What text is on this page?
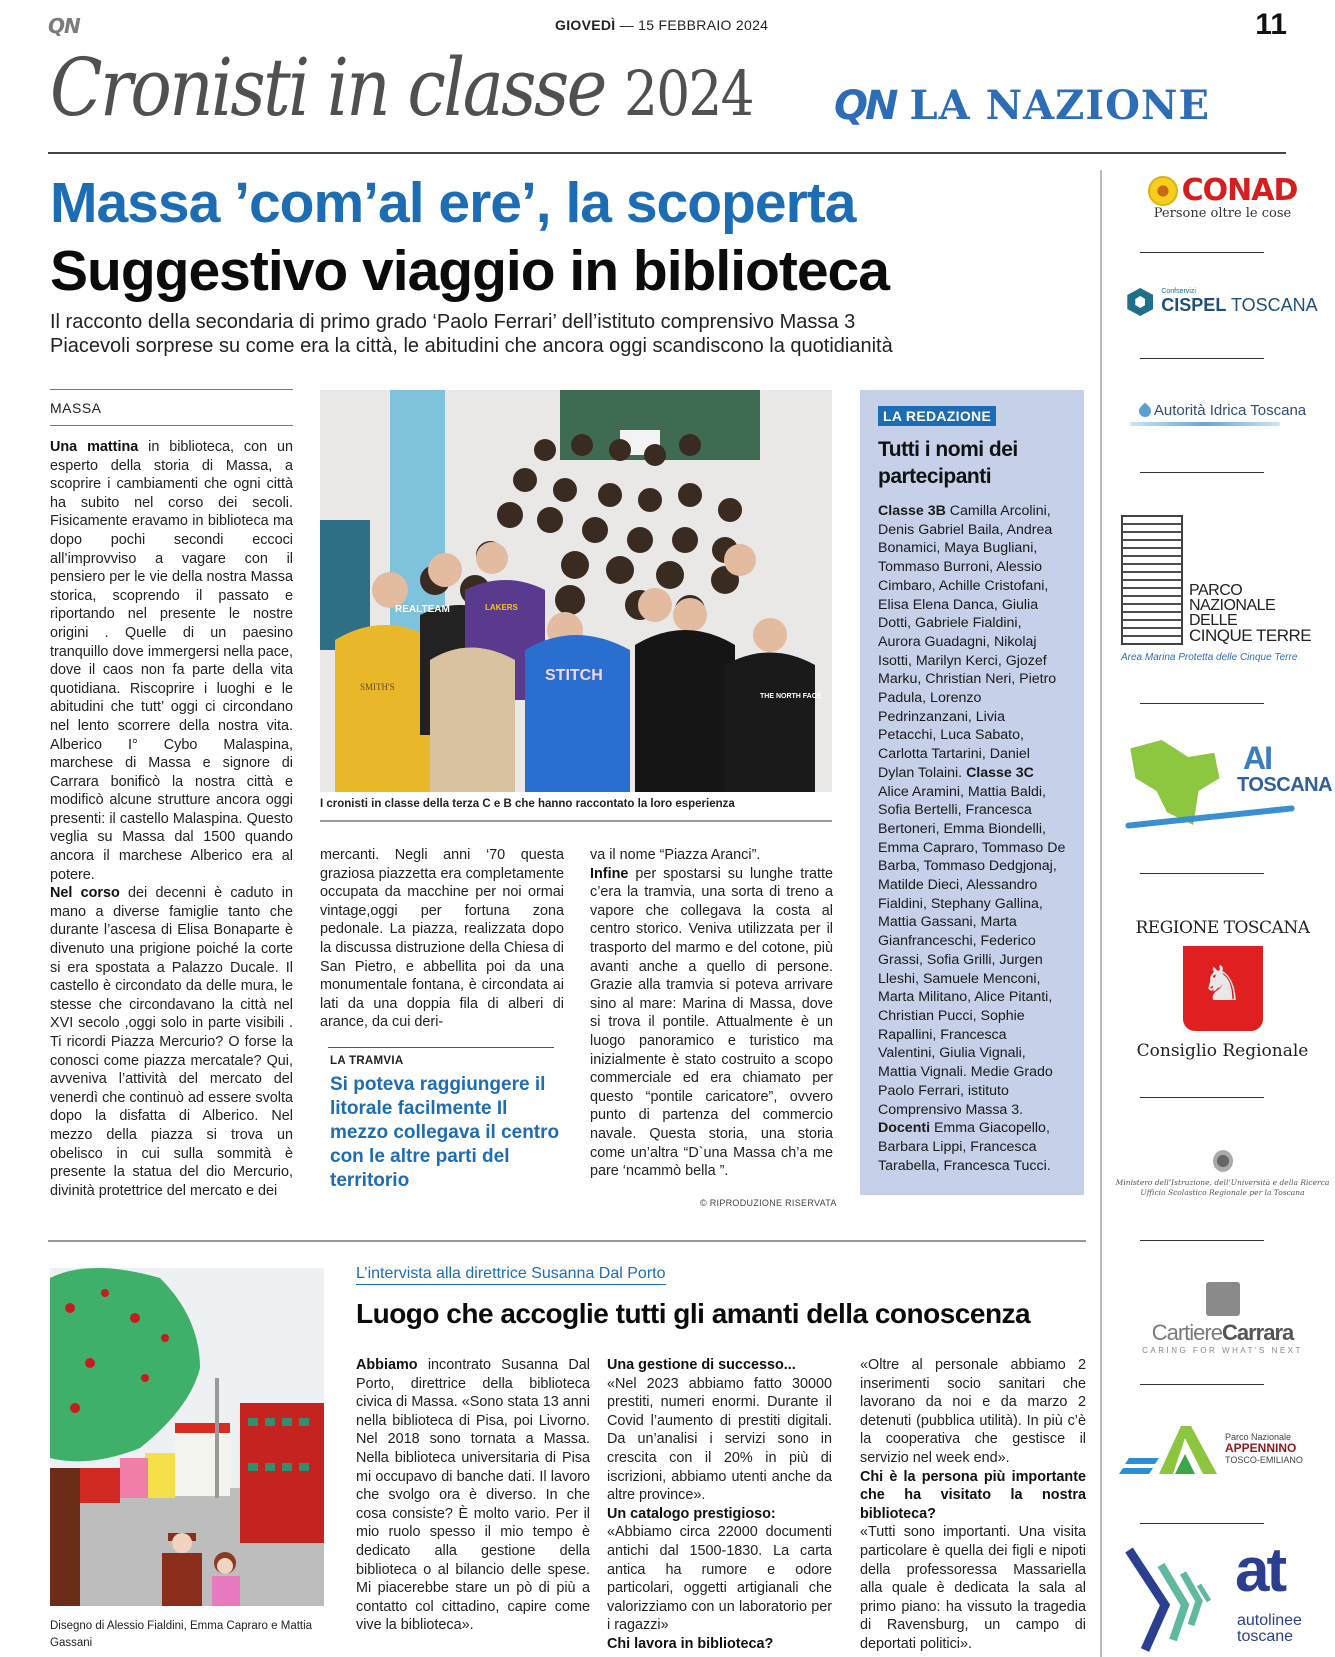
QN	GIOVEDÌ — 15 FEBBRAIO 2024	11
Cronisti in classe 2024 QN LA NAZIONE
Massa ’com’al ere’, la scoperta
Suggestivo viaggio in biblioteca
Il racconto della secondaria di primo grado ‘Paolo Ferrari’ dell’istituto comprensivo Massa 3
Piacevoli sorprese su come era la città, le abitudini che ancora oggi scandiscono la quotidianità
MASSA
Una mattina in biblioteca, con un esperto della storia di Massa, a scoprire i cambiamenti che ogni città ha subito nel corso dei secoli. Fisicamente eravamo in biblioteca ma dopo pochi secondi eccoci all’improvviso a vagare con il pensiero per le vie della nostra Massa storica, scoprendo il passato e riportando nel presente le nostre origini . Quelle di un paesino tranquillo dove immergersi nella pace, dove il caos non fa parte della vita quotidiana. Riscoprire i luoghi e le abitudini che tutt’ oggi ci circondano nel lento scorrere della nostra vita. Alberico I° Cybo Malaspina, marchese di Massa e signore di Carrara bonificò la nostra città e modificò alcune strutture ancora oggi presenti: il castello Malaspina. Questo veglia su Massa dal 1500 quando ancora il marchese Alberico era al potere.
Nel corso dei decenni è caduto in mano a diverse famiglie tanto che durante l’ascesa di Elisa Bonaparte è divenuto una prigione poiché la corte si era spostata a Palazzo Ducale. Il castello è circondato da delle mura, le stesse che circondavano la città nel XVI secolo ,oggi solo in parte visibili . Ti ricordi Piazza Mercurio? O forse la conosci come piazza mercatale? Qui, avveniva l’attività del mercato del venerdì che continuò ad essere svolta dopo la disfatta di Alberico. Nel mezzo della piazza si trova un obelisco in cui sulla sommità è presente la statua del dio Mercurio, divinità protettrice del mercato e dei
REALTEAM	LAKERS
SMITH'S
STITCH
THE NORTH FACE
I cronisti in classe della terza C e B che hanno raccontato la loro esperienza
mercanti. Negli anni ‘70 questa graziosa piazzetta era completamente occupata da macchine per noi ormai vintage,oggi per fortuna zona pedonale. La piazza, realizzata dopo la discussa distruzione della Chiesa di San Pietro, e abbellita poi da una monumentale fontana, è circondata ai lati da una doppia fila di alberi di arance, da cui deri-
LA TRAMVIA
Si poteva raggiungere il litorale facilmente Il mezzo collegava il centro con le altre parti del territorio
va il nome “Piazza Aranci”.
Infine per spostarsi su lunghe tratte c’era la tramvia, una sorta di treno a vapore che collegava la costa al centro storico. Veniva utilizzata per il trasporto del marmo e del cotone, più avanti anche a quello di persone. Grazie alla tramvia si poteva arrivare sino al mare: Marina di Massa, dove si trova il pontile. Attualmente è un luogo panoramico e turistico ma inizialmente è stato costruito a scopo commerciale ed era chiamato per questo “pontile caricatore”, ovvero punto di partenza del commercio navale. Questa storia, una storia come un’altra “D`una Massa ch’a me pare ‘ncammò bella ”.
© RIPRODUZIONE RISERVATA
LA REDAZIONE
Tutti i nomi dei partecipanti
Classe 3B Camilla Arcolini, Denis Gabriel Baila, Andrea Bonamici, Maya Bugliani, Tommaso Burroni, Alessio Cimbaro, Achille Cristofani, Elisa Elena Danca, Giulia Dotti, Gabriele Fialdini, Aurora Guadagni, Nikolaj Isotti, Marilyn Kerci, Gjozef Marku, Christian Neri, Pietro Padula, Lorenzo Pedrinzanzani, Livia Petacchi, Luca Sabato, Carlotta Tartarini, Daniel Dylan Tolaini. Classe 3C Alice Aramini, Mattia Baldi, Sofia Bertelli, Francesca Bertoneri, Emma Biondelli, Emma Capraro, Tommaso De Barba, Tommaso Dedgjonaj, Matilde Dieci, Alessandro Fialdini, Stephany Gallina, Mattia Gassani, Marta Gianfranceschi, Federico Grassi, Sofia Grilli, Jurgen Lleshi, Samuele Menconi, Marta Militano, Alice Pitanti, Christian Pucci, Sophie Rapallini, Francesca Valentini, Giulia Vignali, Mattia Vignali. Medie Grado Paolo Ferrari, istituto Comprensivo Massa 3. Docenti Emma Giacopello, Barbara Lippi, Francesca Tarabella, Francesca Tucci.
Disegno di Alessio Fialdini, Emma Capraro e Mattia Gassani
L’intervista alla direttrice Susanna Dal Porto
Luogo che accoglie tutti gli amanti della conoscenza
Abbiamo incontrato Susanna Dal Porto, direttrice della biblioteca civica di Massa. «Sono stata 13 anni nella biblioteca di Pisa, poi Livorno. Nel 2018 sono tornata a Massa. Nella biblioteca universitaria di Pisa mi occupavo di banche dati. Il lavoro che svolgo ora è diverso. In che cosa consiste? È molto vario. Per il mio ruolo spesso il mio tempo è dedicato alla gestione della biblioteca o al bilancio delle spese. Mi piacerebbe stare un pò di più a contatto col cittadino, capire come vive la biblioteca».
Una gestione di successo...
«Nel 2023 abbiamo fatto 30000 prestiti, numeri enormi. Durante il Covid l’aumento di prestiti digitali. Da un’analisi i servizi sono in crescita con il 20% in più di iscrizioni, abbiamo utenti anche da altre province».
Un catalogo prestigioso:
«Abbiamo circa 22000 documenti antichi dal 1500-1830. La carta antica ha rumore e odore particolari, oggetti artigianali che valorizziamo con un laboratorio per i ragazzi»
Chi lavora in biblioteca?
«Oltre al personale abbiamo 2 inserimenti socio sanitari che lavorano da noi e da marzo 2 detenuti (pubblica utilità). In più c’è la cooperativa che gestisce il servizio nel week end».
Chi è la persona più importante che ha visitato la nostra biblioteca?
«Tutti sono importanti. Una visita particolare è quella dei figli e nipoti della professoressa Massariella alla quale è dedicata la sala al primo piano: ha vissuto la tragedia di Ravensburg, un campo di deportati politici».
CONAD
Persone oltre le cose
Confservizi
CISPEL TOSCANA
Autorità Idrica Toscana
PARCO
NAZIONALE
DELLE
CINQUE TERRE
Area Marina Protetta delle Cinque Terre
AI
TOSCANA
REGIONE TOSCANA
♞
Consiglio Regionale
Ministero dell’Istruzione, dell’Università e della Ricerca
Ufficio Scolastico Regionale per la Toscana
CartiereCarrara
CARING FOR WHAT'S NEXT
Parco Nazionale
APPENNINO
TOSCO-EMILIANO
at
autolinee
toscane
